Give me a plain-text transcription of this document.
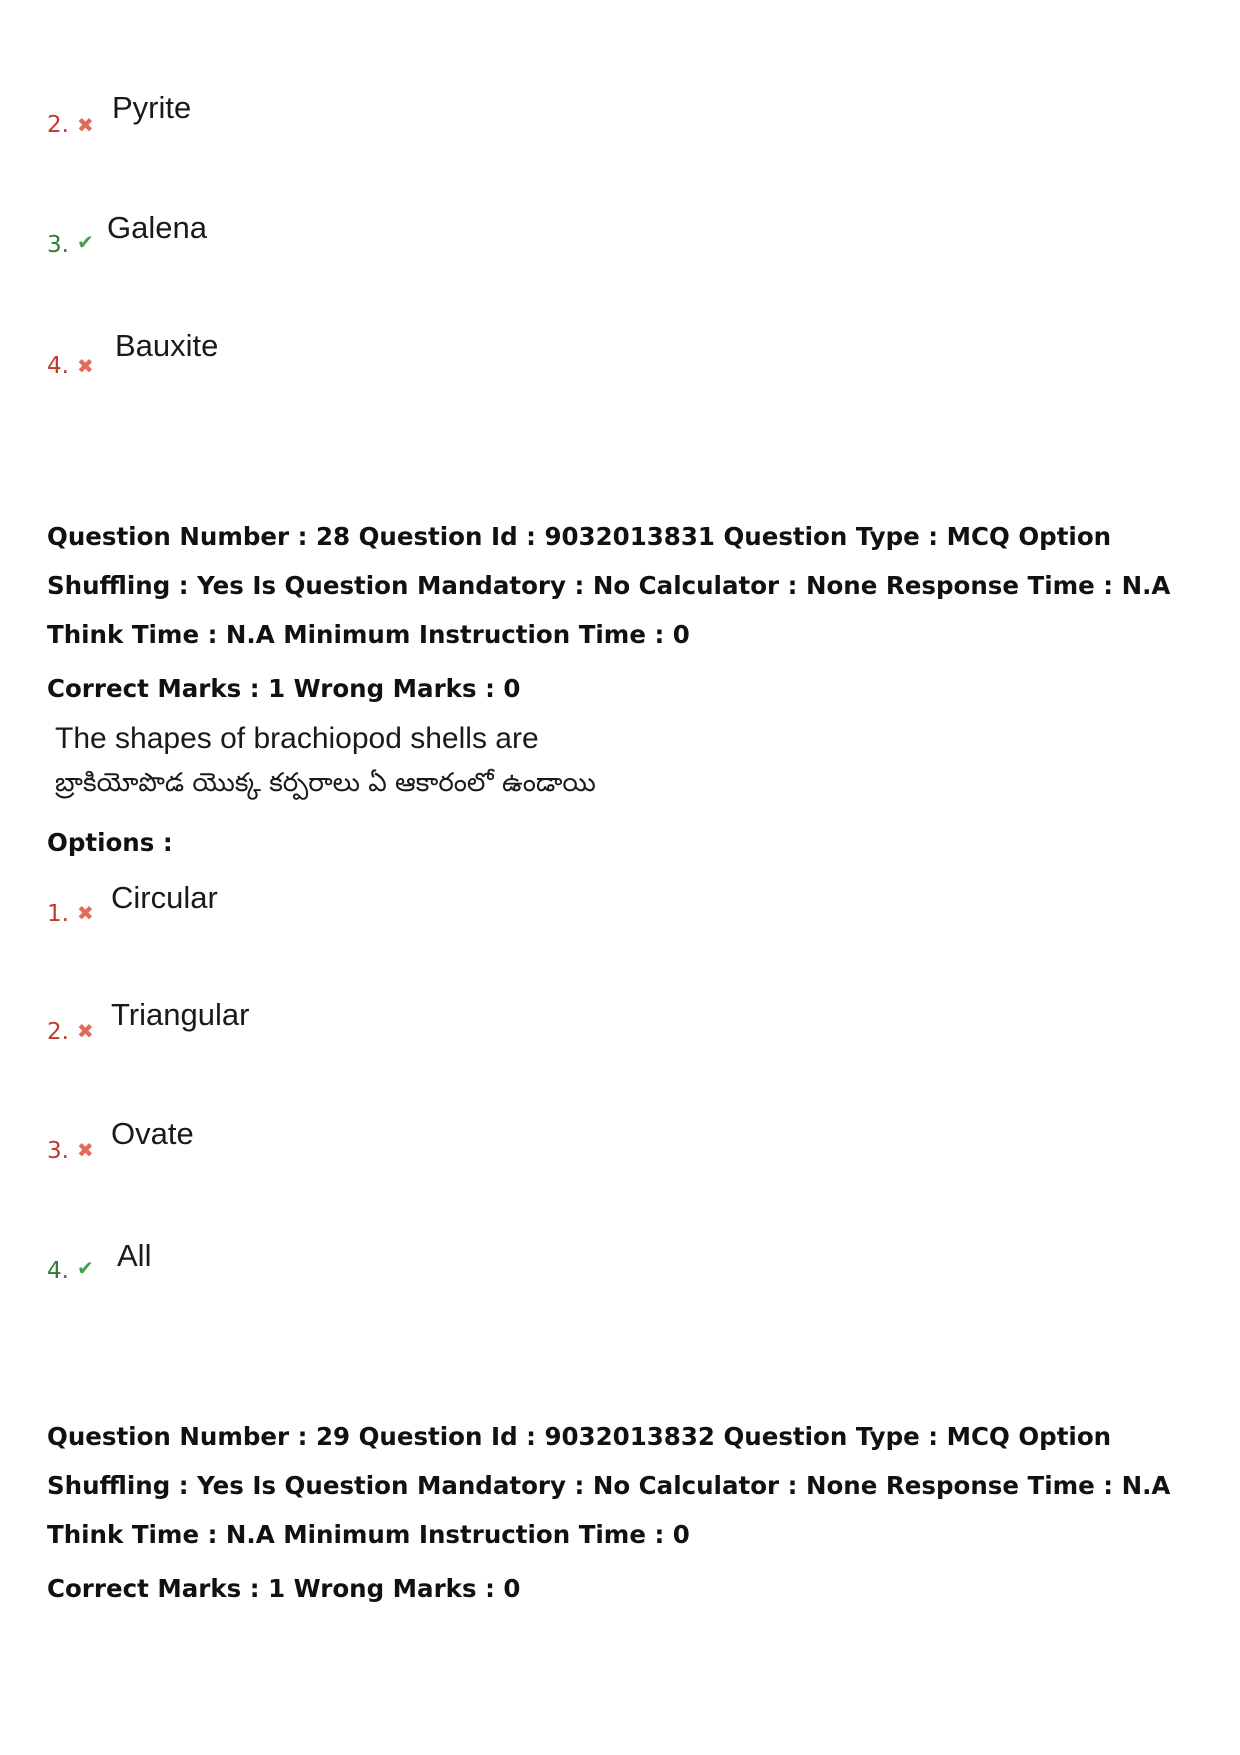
2. ✖ Pyrite
3. ✔ Galena
4. ✖
Bauxite

Question Number : 28 Question Id : 9032013831 Question Type : MCQ Option Shuffling : Yes Is Question Mandatory : No Calculator : None Response Time : N.A Think Time : N.A Minimum Instruction Time : 0

Correct Marks : 1 Wrong Marks : 0

The shapes of brachiopod shells are
బ్రాకియోపొడ యొక్క కర్పరాలు ఏ ఆకారంలో ఉండాయి

Options :

1. ✖ Circular
2. ✖ Triangular
3. ✖ Ovate
4. ✔ All

Question Number : 29 Question Id : 9032013832 Question Type : MCQ Option Shuffling : Yes Is Question Mandatory : No Calculator : None Response Time : N.A Think Time : N.A Minimum Instruction Time : 0

Correct Marks : 1 Wrong Marks : 0
